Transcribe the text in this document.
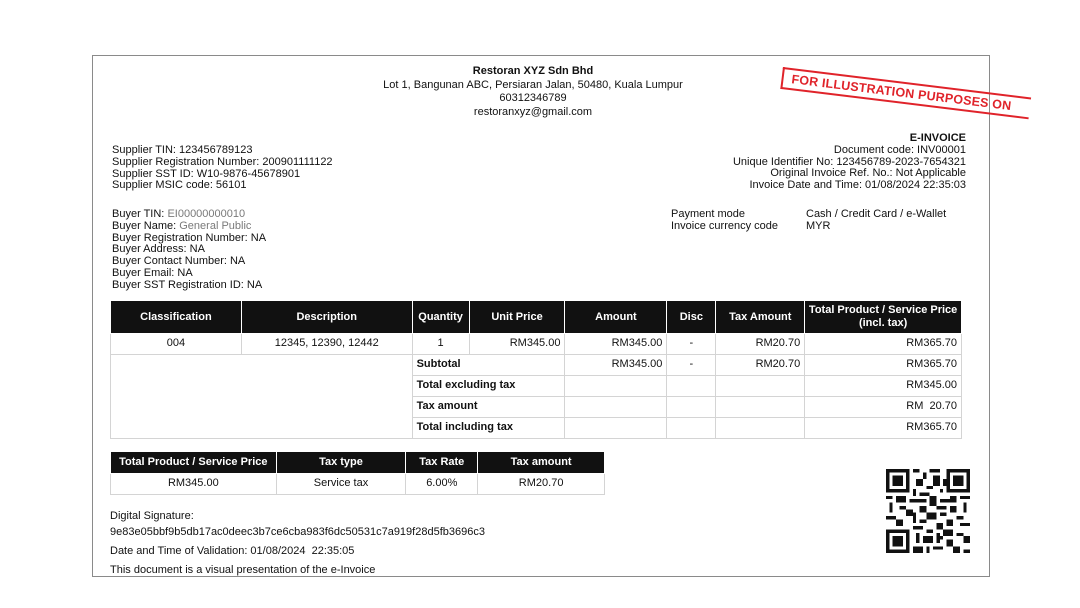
FOR ILLUSTRATION PURPOSES ON
Restoran XYZ Sdn Bhd
Lot 1, Bangunan ABC, Persiaran Jalan, 50480, Kuala Lumpur
60312346789
restoranxyz@gmail.com
Supplier TIN: 123456789123
Supplier Registration Number: 200901111122
Supplier SST ID: W10-9876-45678901
Supplier MSIC code: 56101
E-INVOICE
Document code: INV00001
Unique Identifier No: 123456789-2023-7654321
Original Invoice Ref. No.: Not Applicable
Invoice Date and Time: 01/08/2024 22:35:03
Buyer TIN: EI00000000010
Buyer Name: General Public
Buyer Registration Number: NA
Buyer Address: NA
Buyer Contact Number: NA
Buyer Email: NA
Buyer SST Registration ID: NA
Payment mode	Cash / Credit Card / e-Wallet
Invoice currency code	MYR
Classification	Description	Quantity	Unit Price	Amount	Disc	Tax Amount	Total Product / Service Price (incl. tax)
004	12345, 12390, 12442	1	RM345.00	RM345.00	-	RM20.70	RM365.70
		Subtotal		RM345.00	-	RM20.70	RM365.70
		Total excluding tax					RM345.00
		Tax amount					RM  20.70
		Total including tax					RM365.70
Total Product / Service Price	Tax type	Tax Rate	Tax amount
RM345.00	Service tax	6.00%	RM20.70
Digital Signature:
9e83e05bbf9b5db17ac0deec3b7ce6cba983f6dc50531c7a919f28d5fb3696c3
Date and Time of Validation: 01/08/2024  22:35:05
This document is a visual presentation of the e-Invoice
